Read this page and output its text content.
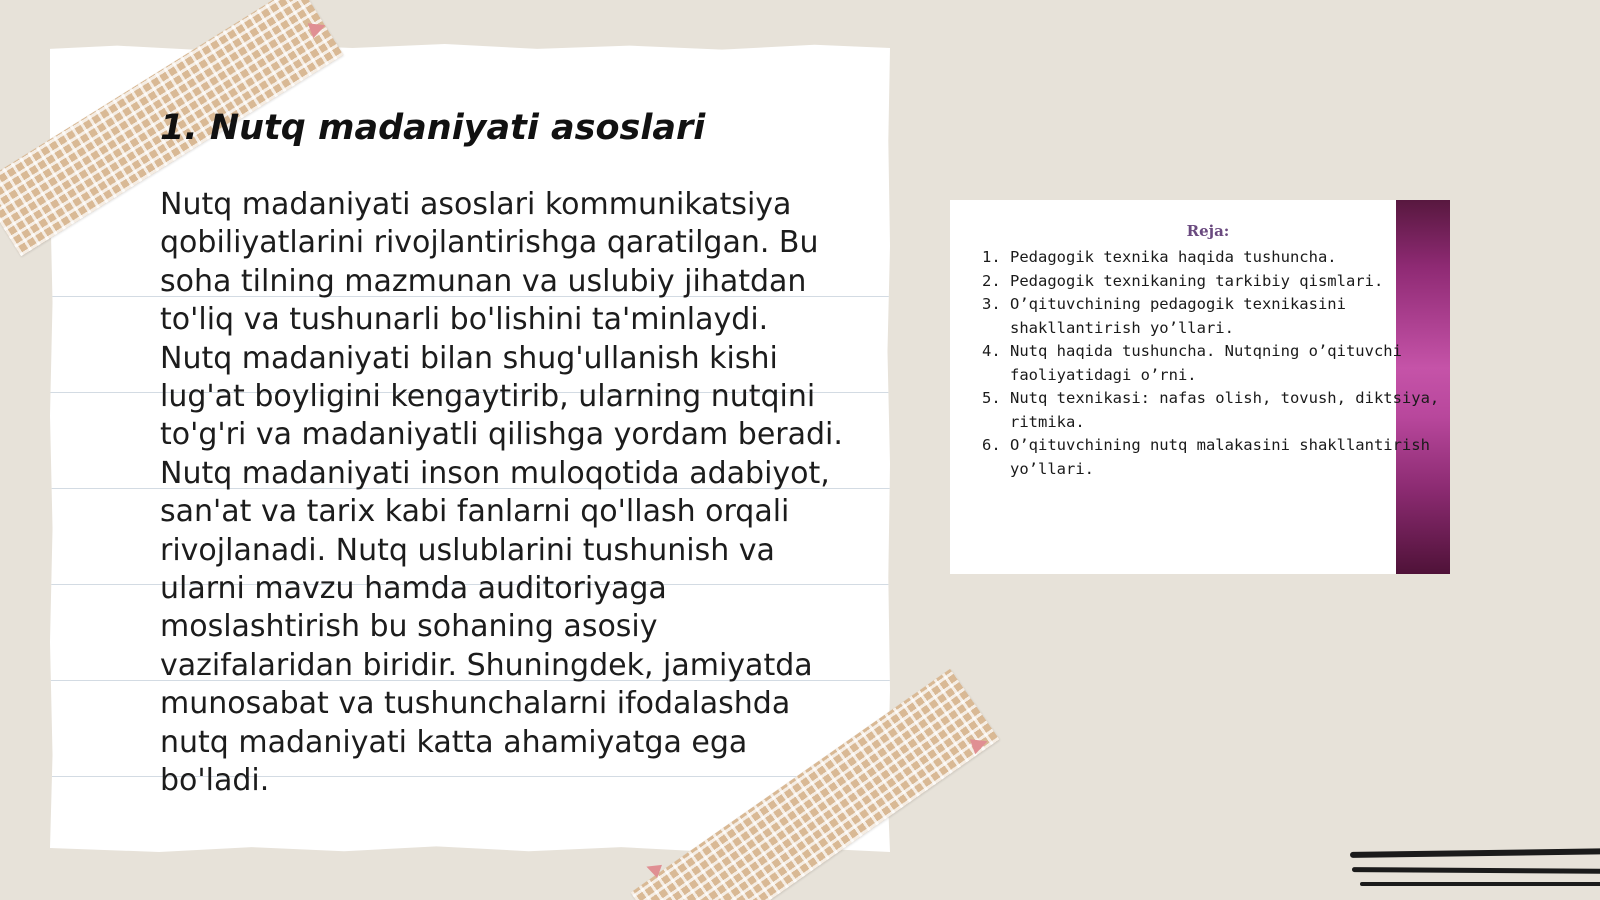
1. Nutq madaniyati asoslari

Nutq madaniyati asoslari kommunikatsiya
qobiliyatlarini rivojlantirishga qaratilgan. Bu
soha tilning mazmunan va uslubiy jihatdan
to'liq va tushunarli bo'lishini ta'minlaydi.
Nutq madaniyati bilan shug'ullanish kishi
lug'at boyligini kengaytirib, ularning nutqini
to'g'ri va madaniyatli qilishga yordam beradi.
Nutq madaniyati inson muloqotida adabiyot,
san'at va tarix kabi fanlarni qo'llash orqali
rivojlanadi. Nutq uslublarini tushunish va
ularni mavzu hamda auditoriyaga
moslashtirish bu sohaning asosiy
vazifalaridan biridir. Shuningdek, jamiyatda
munosabat va tushunchalarni ifodalashda
nutq madaniyati katta ahamiyatga ega
bo'ladi.

Reja:
1. Pedagogik texnika haqida tushuncha.
2. Pedagogik texnikaning tarkibiy qismlari.
3. O’qituvchining pedagogik texnikasini
shakllantirish yo’llari.
4. Nutq haqida tushuncha. Nutqning o’qituvchi
faoliyatidagi o’rni.
5. Nutq texnikasi: nafas olish, tovush, diktsiya,
ritmika.
6. O’qituvchining nutq malakasini shakllantirish
yo’llari.
